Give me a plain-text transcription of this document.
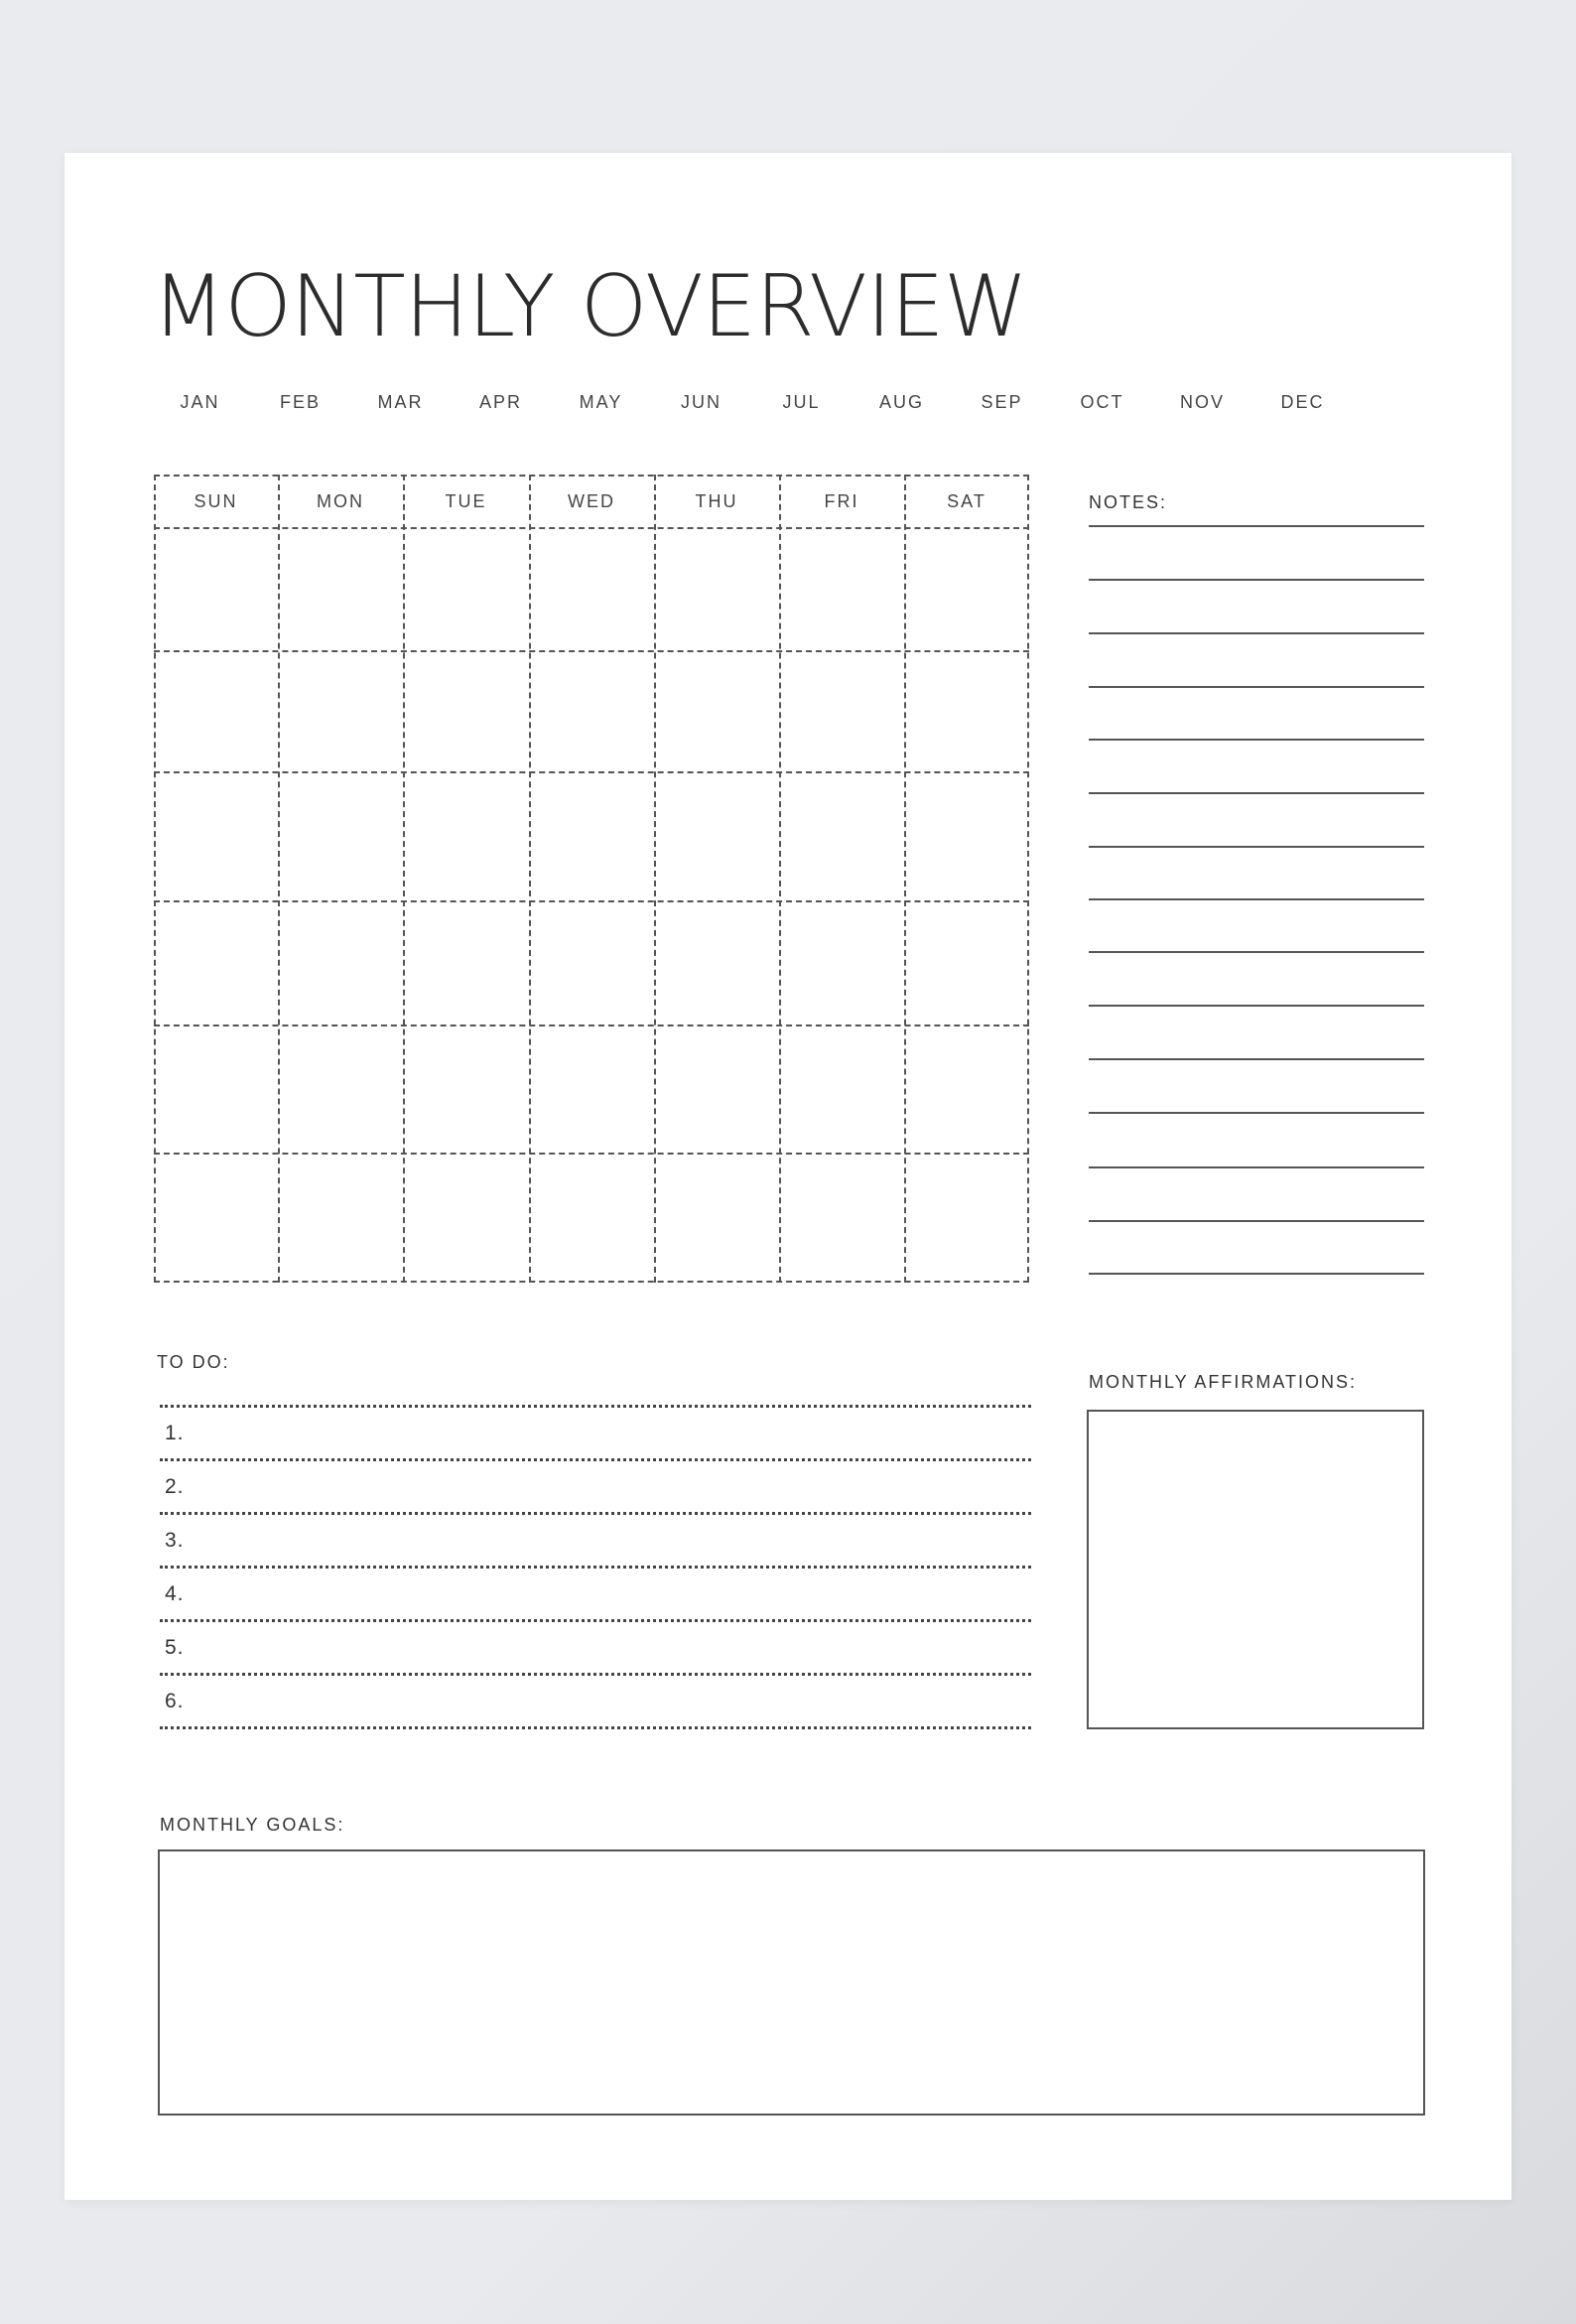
MONTHLY OVERVIEW
JAN	FEB	MAR	APR	MAY	JUN	JUL	AUG	SEP	OCT	NOV	DEC
SUN	MON	TUE	WED	THU	FRI	SAT	NOTES:
TO DO:
1.
2.
3.
4.
5.
6.
MONTHLY AFFIRMATIONS:
MONTHLY GOALS:
